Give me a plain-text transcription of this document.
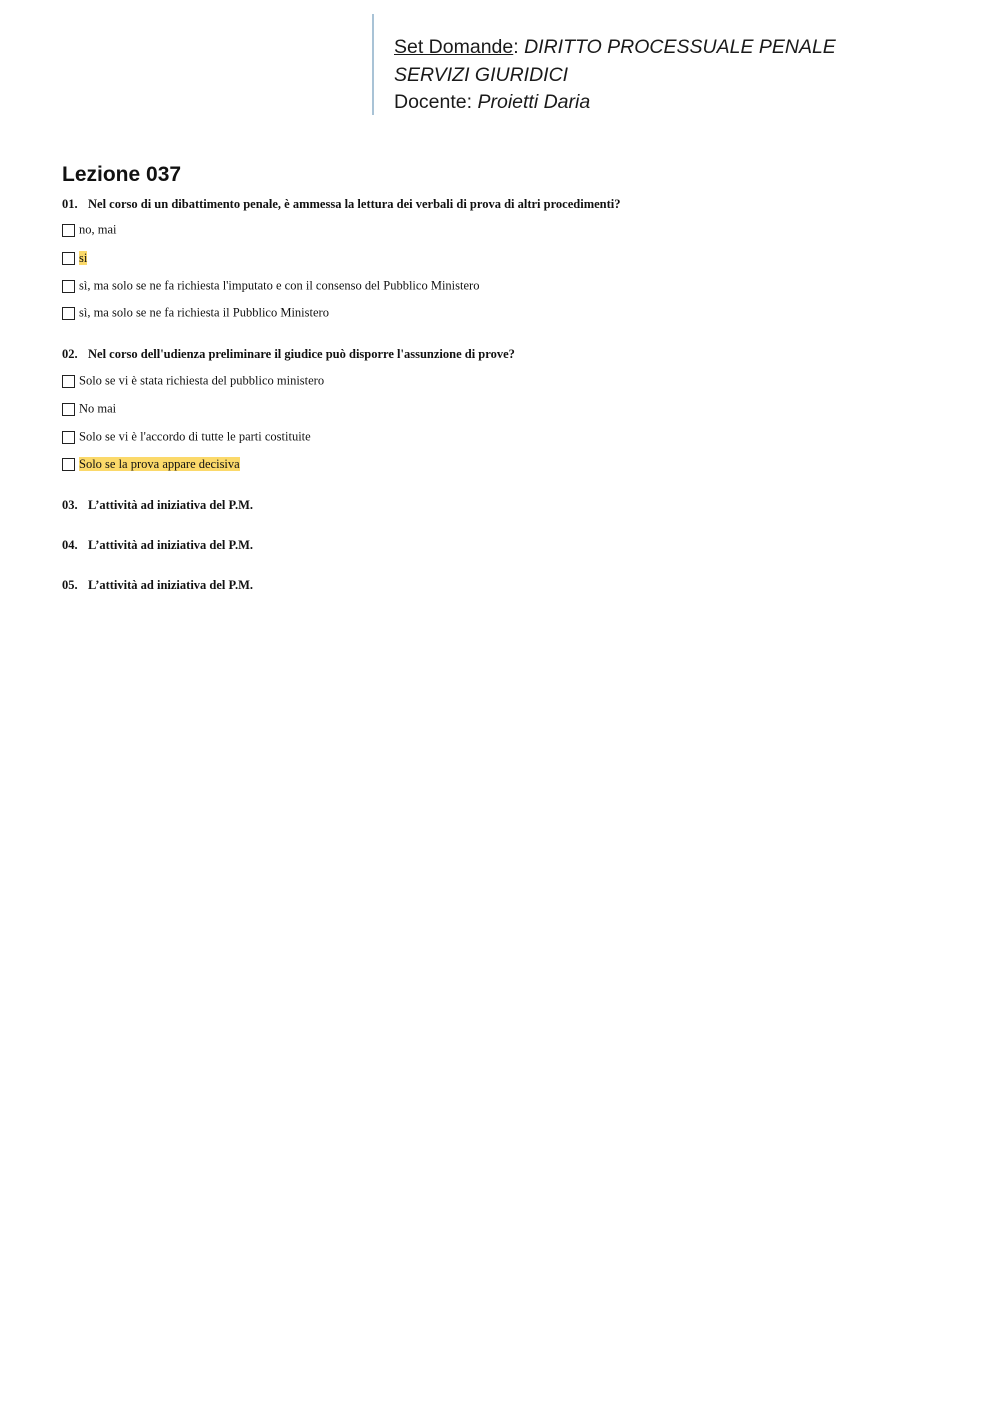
Set Domande: DIRITTO PROCESSUALE PENALE
SERVIZI GIURIDICI
Docente: Proietti Daria
Lezione 037
01. Nel corso di un dibattimento penale, è ammessa la lettura dei verbali di prova di altri procedimenti?
no, mai
si
sì, ma solo se ne fa richiesta l'imputato e con il consenso del Pubblico Ministero
sì, ma solo se ne fa richiesta il Pubblico Ministero
02. Nel corso dell'udienza preliminare il giudice può disporre l'assunzione di prove?
Solo se vi è stata richiesta del pubblico ministero
No mai
Solo se vi è l'accordo di tutte le parti costituite
Solo se la prova appare decisiva
03. L’attività ad iniziativa del P.M.
04. L’attività ad iniziativa del P.M.
05. L’attività ad iniziativa del P.M.
